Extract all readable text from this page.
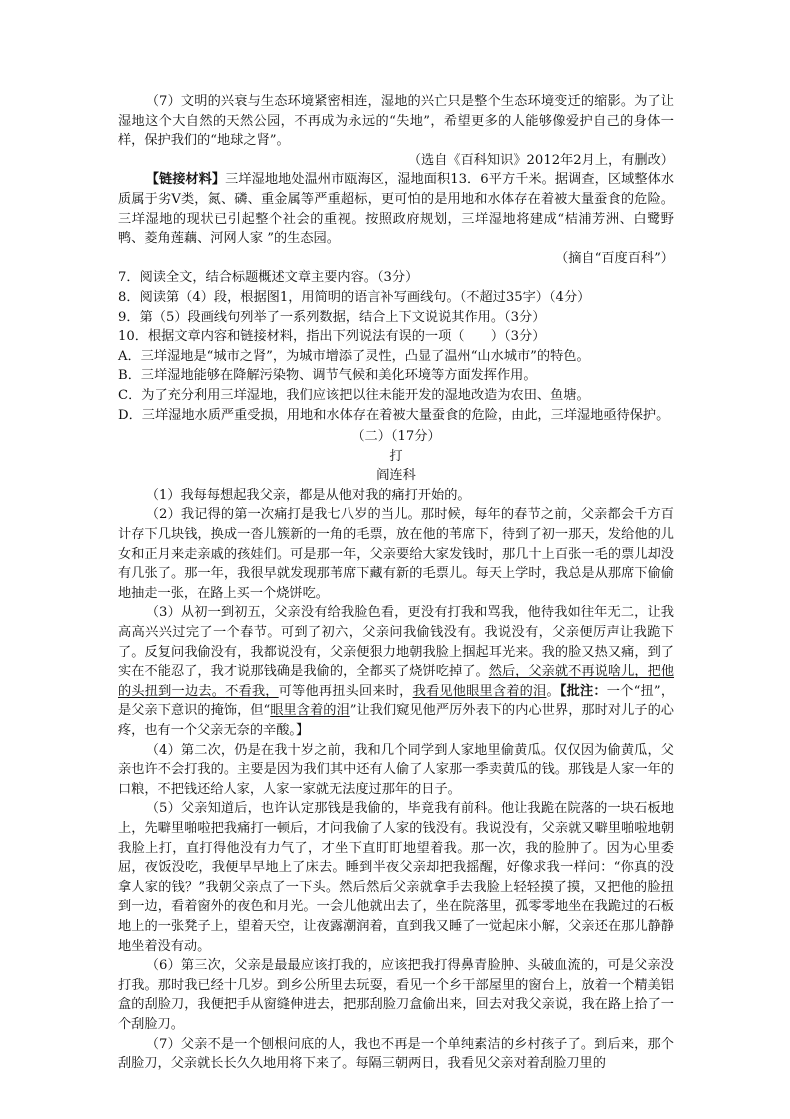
（7）文明的兴衰与生态环境紧密相连，湿地的兴亡只是整个生态环境变迁的缩影。为了让湿地这个大自然的天然公园，不再成为永远的“失地”，希望更多的人能够像爱护自己的身体一样，保护我们的“地球之肾”。

（选自《百科知识》2012年2月上，有删改）

【链接材料】三垟湿地地处温州市瓯海区，湿地面积13．6平方千米。据调查，区域整体水质属于劣Ⅴ类，氮、磷、重金属等严重超标，更可怕的是用地和水体存在着被大量蚕食的危险。 三垟湿地的现状已引起整个社会的重视。按照政府规划，三垟湿地将建成“桔浦芳洲、白鹭野鸭、菱角莲藕、河网人家 ”的生态园。

（摘自“百度百科”）

7．阅读全文，结合标题概述文章主要内容。（3分）

8．阅读第（4）段，根据图1，用简明的语言补写画线句。（不超过35字）（4分）

9．第（5）段画线句列举了一系列数据，结合上下文说说其作用。（3分）

10．根据文章内容和链接材料，指出下列说法有误的一项（　　）（3分）

A．三垟湿地是“城市之肾”，为城市增添了灵性，凸显了温州“山水城市”的特色。

B．三垟湿地能够在降解污染物、调节气候和美化环境等方面发挥作用。

C．为了充分利用三垟湿地，我们应该把以往未能开发的湿地改造为农田、鱼塘。

D．三垟湿地水质严重受损，用地和水体存在着被大量蚕食的危险，由此，三垟湿地亟待保护。

（二）（17分）

打

阎连科

（1）我每每想起我父亲，都是从他对我的痛打开始的。

（2）我记得的第一次痛打是我七八岁的当儿。那时候，每年的春节之前，父亲都会千方百计存下几块钱，换成一沓儿簇新的一角的毛票，放在他的苇席下，待到了初一那天，发给他的儿女和正月来走亲戚的孩娃们。可是那一年，父亲要给大家发钱时，那几十上百张一毛的票儿却没有几张了。那一年，我很早就发现那苇席下藏有新的毛票儿。每天上学时，我总是从那席下偷偷地抽走一张，在路上买一个烧饼吃。

（3）从初一到初五，父亲没有给我脸色看，更没有打我和骂我，他待我如往年无二，让我高高兴兴过完了一个春节。可到了初六，父亲问我偷钱没有。我说没有，父亲便厉声让我跪下了。反复问我偷没有，我都说没有，父亲便狠力地朝我脸上掴起耳光来。我的脸又热又痛，到了实在不能忍了，我才说那钱确是我偷的，全都买了烧饼吃掉了。然后，父亲就不再说啥儿，把他的头扭到一边去。不看我，可等他再扭头回来时，我看见他眼里含着的泪。【批注：一个“扭”，是父亲下意识的掩饰，但“眼里含着的泪”让我们窥见他严厉外表下的内心世界，那时对儿子的心疼，也有一个父亲无奈的辛酸。】

（4）第二次，仍是在我十岁之前，我和几个同学到人家地里偷黄瓜。仅仅因为偷黄瓜，父亲也许不会打我的。主要是因为我们其中还有人偷了人家那一季卖黄瓜的钱。那钱是人家一年的口粮，不把钱还给人家，人家一家就无法度过那年的日子。

（5）父亲知道后，也许认定那钱是我偷的，毕竟我有前科。他让我跪在院落的一块石板地上，先噼里啪啦把我痛打一顿后，才问我偷了人家的钱没有。我说没有，父亲就又噼里啪啦地朝我脸上打，直打得他没有力气了，才坐下直盯盯地望着我。那一次，我的脸肿了。因为心里委屈，夜饭没吃，我便早早地上了床去。睡到半夜父亲却把我摇醒，好像求我一样问：“你真的没拿人家的钱？”我朝父亲点了一下头。然后然后父亲就拿手去我脸上轻轻摸了摸，又把他的脸扭到一边，看着窗外的夜色和月光。一会儿他就出去了，坐在院落里，孤零零地坐在我跪过的石板地上的一张凳子上，望着天空，让夜露潮润着，直到我又睡了一觉起床小解，父亲还在那儿静静地坐着没有动。

（6）第三次，父亲是最最应该打我的，应该把我打得鼻青脸肿、头破血流的，可是父亲没打我。那时我已经十几岁。到乡公所里去玩耍，看见一个乡干部屋里的窗台上，放着一个精美铝盒的刮脸刀，我便把手从窗缝伸进去，把那刮脸刀盒偷出来，回去对我父亲说，我在路上拾了一个刮脸刀。

（7）父亲不是一个刨根问底的人，我也不再是一个单纯素洁的乡村孩子了。到后来，那个刮脸刀，父亲就长长久久地用将下来了。每隔三朝两日，我看见父亲对着刮脸刀里的
